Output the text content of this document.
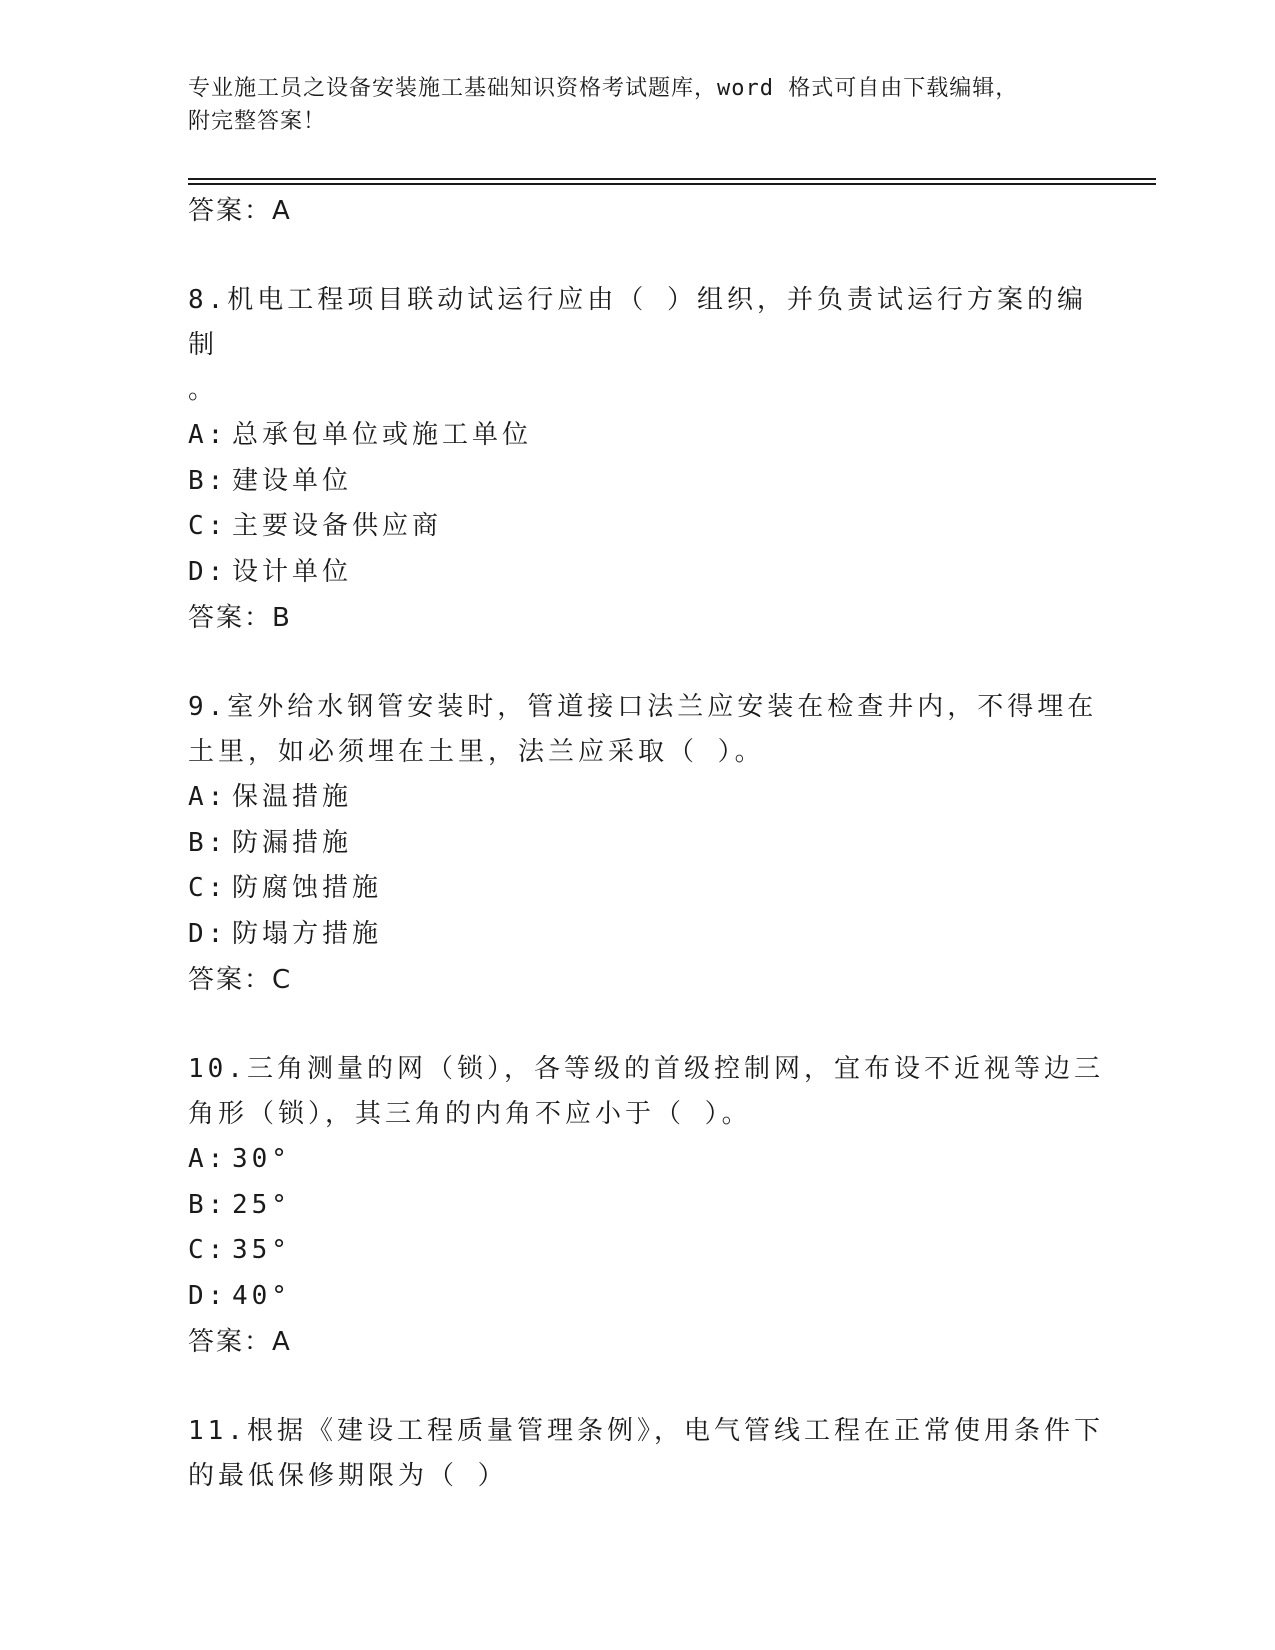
专业施工员之设备安装施工基础知识资格考试题库，word 格式可自由下载编辑，
附完整答案！
答案：A
8.机电工程项目联动试运行应由（ ）组织，并负责试运行方案的编制
。
A: 总承包单位或施工单位
B: 建设单位
C: 主要设备供应商
D: 设计单位
答案：B
9.室外给水钢管安装时，管道接口法兰应安装在检查井内，不得埋在
土里，如必须埋在土里，法兰应采取（ ）。
A: 保温措施
B: 防漏措施
C: 防腐蚀措施
D: 防塌方措施
答案：C
10.三角测量的网（锁），各等级的首级控制网，宜布设不近视等边三
角形（锁），其三角的内角不应小于（ ）。
A: 30°
B: 25°
C: 35°
D: 40°
答案：A
11.根据《建设工程质量管理条例》，电气管线工程在正常使用条件下
的最低保修期限为（ ）
